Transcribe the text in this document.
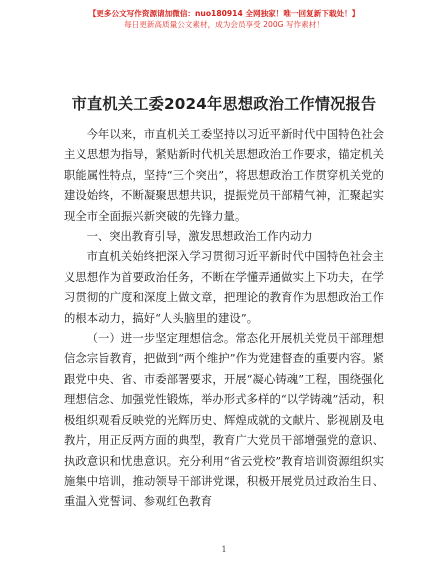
【更多公文写作资源请加微信：nuo180914 全网独家！唯一回复新下载处！】
每日更新高质量公文素材，成为会员享受 200G 写作素材！
市直机关工委2024年思想政治工作情况报告

今年以来，市直机关工委坚持以习近平新时代中国特色社会主义思想为指导，紧贴新时代机关思想政治工作要求，锚定机关职能属性特点，坚持“三个突出”，将思想政治工作贯穿机关党的建设始终，不断凝聚思想共识，提振党员干部精气神，汇聚起实现全市全面振兴新突破的先锋力量。

一、突出教育引导，激发思想政治工作内动力

市直机关始终把深入学习贯彻习近平新时代中国特色社会主义思想作为首要政治任务，不断在学懂弄通做实上下功夫，在学习贯彻的广度和深度上做文章，把理论的教育作为思想政治工作的根本动力，搞好“人头脑里的建设”。

（一）进一步坚定理想信念。常态化开展机关党员干部理想信念宗旨教育，把做到“两个维护”作为党建督查的重要内容。紧跟党中央、省、市委部署要求，开展“凝心铸魂”工程，围绕强化理想信念、加强党性锻炼，举办形式多样的“以学铸魂”活动，积极组织观看反映党的光辉历史、辉煌成就的文献片、影视剧及电教片，用正反两方面的典型，教育广大党员干部增强党的意识、执政意识和忧患意识。充分利用“省云党校”教育培训资源组织实施集中培训，推动领导干部讲党课，积极开展党员过政治生日、重温入党誓词、参观红色教育

1
